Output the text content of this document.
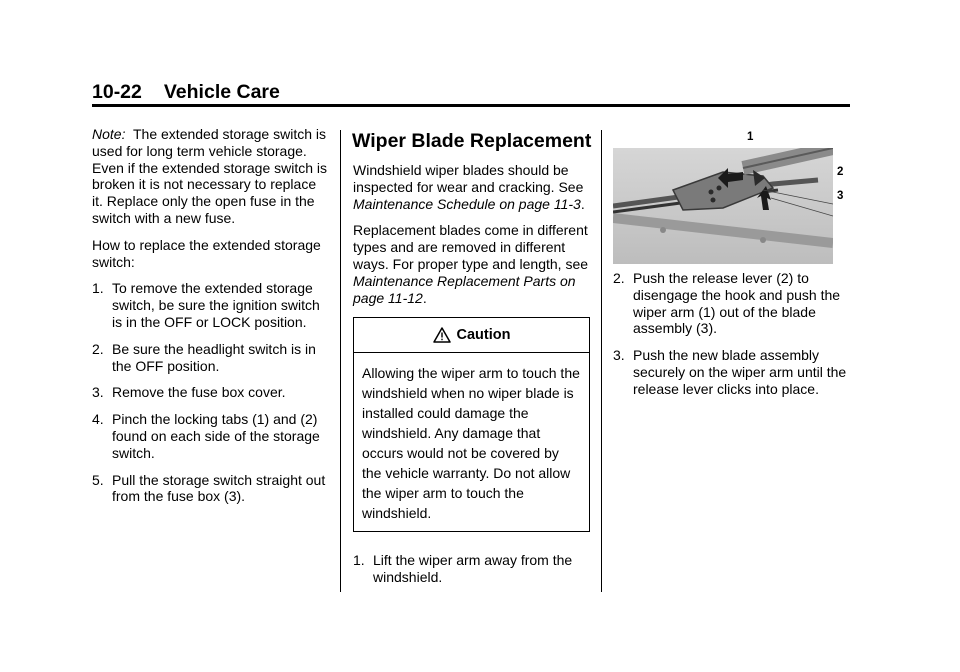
10-22 Vehicle Care

Note: The extended storage switch is used for long term vehicle storage. Even if the extended storage switch is broken it is not necessary to replace it. Replace only the open fuse in the switch with a new fuse.

How to replace the extended storage switch:

1. To remove the extended storage switch, be sure the ignition switch is in the OFF or LOCK position.
2. Be sure the headlight switch is in the OFF position.
3. Remove the fuse box cover.
4. Pinch the locking tabs (1) and (2) found on each side of the storage switch.
5. Pull the storage switch straight out from the fuse box (3).
Wiper Blade Replacement

Windshield wiper blades should be inspected for wear and cracking. See Maintenance Schedule on page 11-3.

Replacement blades come in different types and are removed in different ways. For proper type and length, see Maintenance Replacement Parts on page 11-12.

Caution
Allowing the wiper arm to touch the windshield when no wiper blade is installed could damage the windshield. Any damage that occurs would not be covered by the vehicle warranty. Do not allow the wiper arm to touch the windshield.
1. Lift the wiper arm away from the windshield.
1
2
3
2. Push the release lever (2) to disengage the hook and push the wiper arm (1) out of the blade assembly (3).
3. Push the new blade assembly securely on the wiper arm until the release lever clicks into place.
